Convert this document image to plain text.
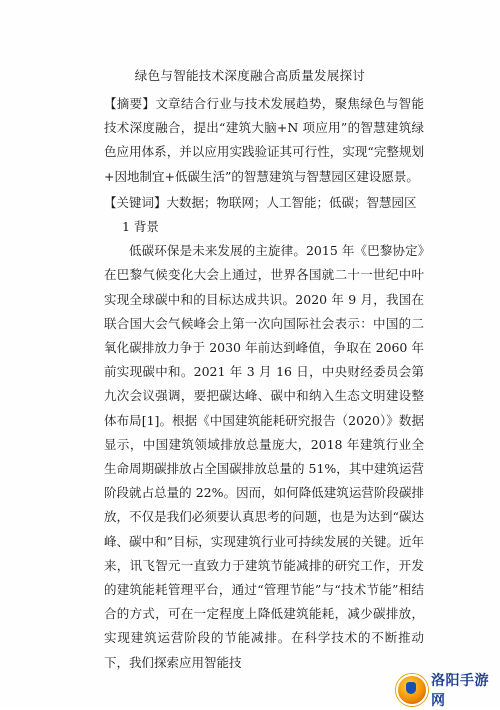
绿色与智能技术深度融合高质量发展探讨

【摘要】文章结合行业与技术发展趋势，聚焦绿色与智能技术深度融合，提出“建筑大脑+N 项应用”的智慧建筑绿色应用体系，并以应用实践验证其可行性，实现“完整规划+因地制宜+低碳生活”的智慧建筑与智慧园区建设愿景。

【关键词】大数据；物联网；人工智能；低碳；智慧园区

1 背景

低碳环保是未来发展的主旋律。2015 年《巴黎协定》在巴黎气候变化大会上通过，世界各国就二十一世纪中叶实现全球碳中和的目标达成共识。2020 年 9 月，我国在联合国大会气候峰会上第一次向国际社会表示：中国的二氧化碳排放力争于 2030 年前达到峰值，争取在 2060 年前实现碳中和。2021 年 3 月 16 日，中央财经委员会第九次会议强调，要把碳达峰、碳中和纳入生态文明建设整体布局[1]。根据《中国建筑能耗研究报告（2020）》数据显示，中国建筑领域排放总量庞大，2018 年建筑行业全生命周期碳排放占全国碳排放总量的 51%，其中建筑运营阶段就占总量的 22%。因而，如何降低建筑运营阶段碳排放，不仅是我们必须要认真思考的问题，也是为达到“碳达峰、碳中和”目标，实现建筑行业可持续发展的关键。近年来，讯飞智元一直致力于建筑节能减排的研究工作，开发的建筑能耗管理平台，通过“管理节能”与“技术节能”相结合的方式，可在一定程度上降低建筑能耗，减少碳排放，实现建筑运营阶段的节能减排。在科学技术的不断推动下，我们探索应用智能技

洛阳手游网
